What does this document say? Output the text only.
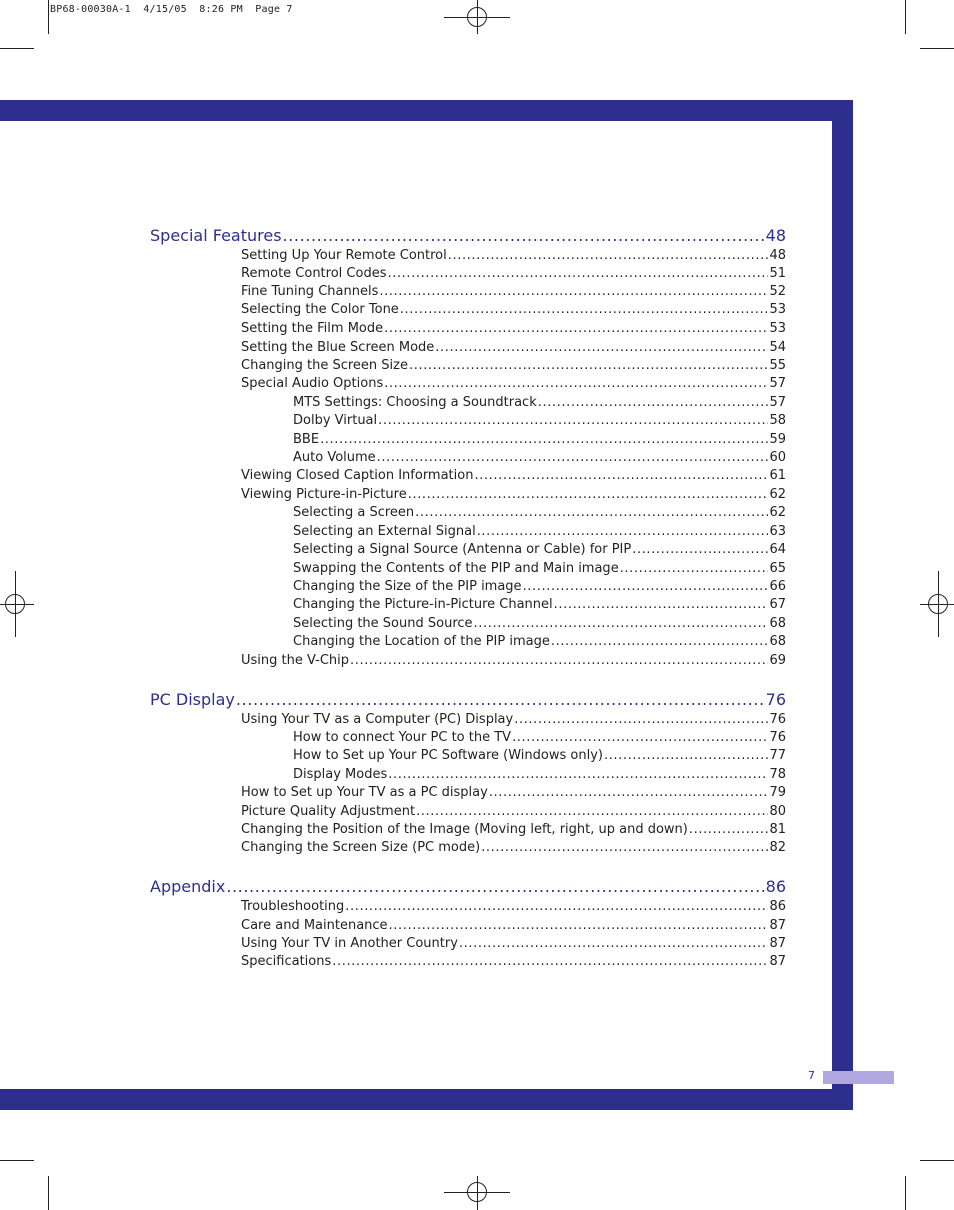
BP68-00030A-1  4/15/05  8:26 PM  Page 7
7
Special Features .....	48
Setting Up Your Remote Control .....	48
Remote Control Codes .....	51
Fine Tuning Channels .....	52
Selecting the Color Tone .....	53
Setting the Film Mode .....	53
Setting the Blue Screen Mode .....	54
Changing the Screen Size .....	55
Special Audio Options .....	57
MTS Settings: Choosing a Soundtrack .....	57
Dolby Virtual .....	58
BBE .....	59
Auto Volume .....	60
Viewing Closed Caption Information .....	61
Viewing Picture-in-Picture .....	62
Selecting a Screen .....	62
Selecting an External Signal .....	63
Selecting a Signal Source (Antenna or Cable) for PIP .....	64
Swapping the Contents of the PIP and Main image .....	65
Changing the Size of the PIP image .....	66
Changing the Picture-in-Picture Channel .....	67
Selecting the Sound Source .....	68
Changing the Location of the PIP image .....	68
Using the V-Chip .....	69
PC Display .....	76
Using Your TV as a Computer (PC) Display .....	76
How to connect Your PC to the TV .....	76
How to Set up Your PC Software (Windows only) .....	77
Display Modes .....	78
How to Set up Your TV as a PC display .....	79
Picture Quality Adjustment .....	80
Changing the Position of the Image (Moving left, right, up and down) .....	81
Changing the Screen Size (PC mode) .....	82
Appendix .....	86
Troubleshooting .....	86
Care and Maintenance .....	87
Using Your TV in Another Country .....	87
Specifications .....	87
